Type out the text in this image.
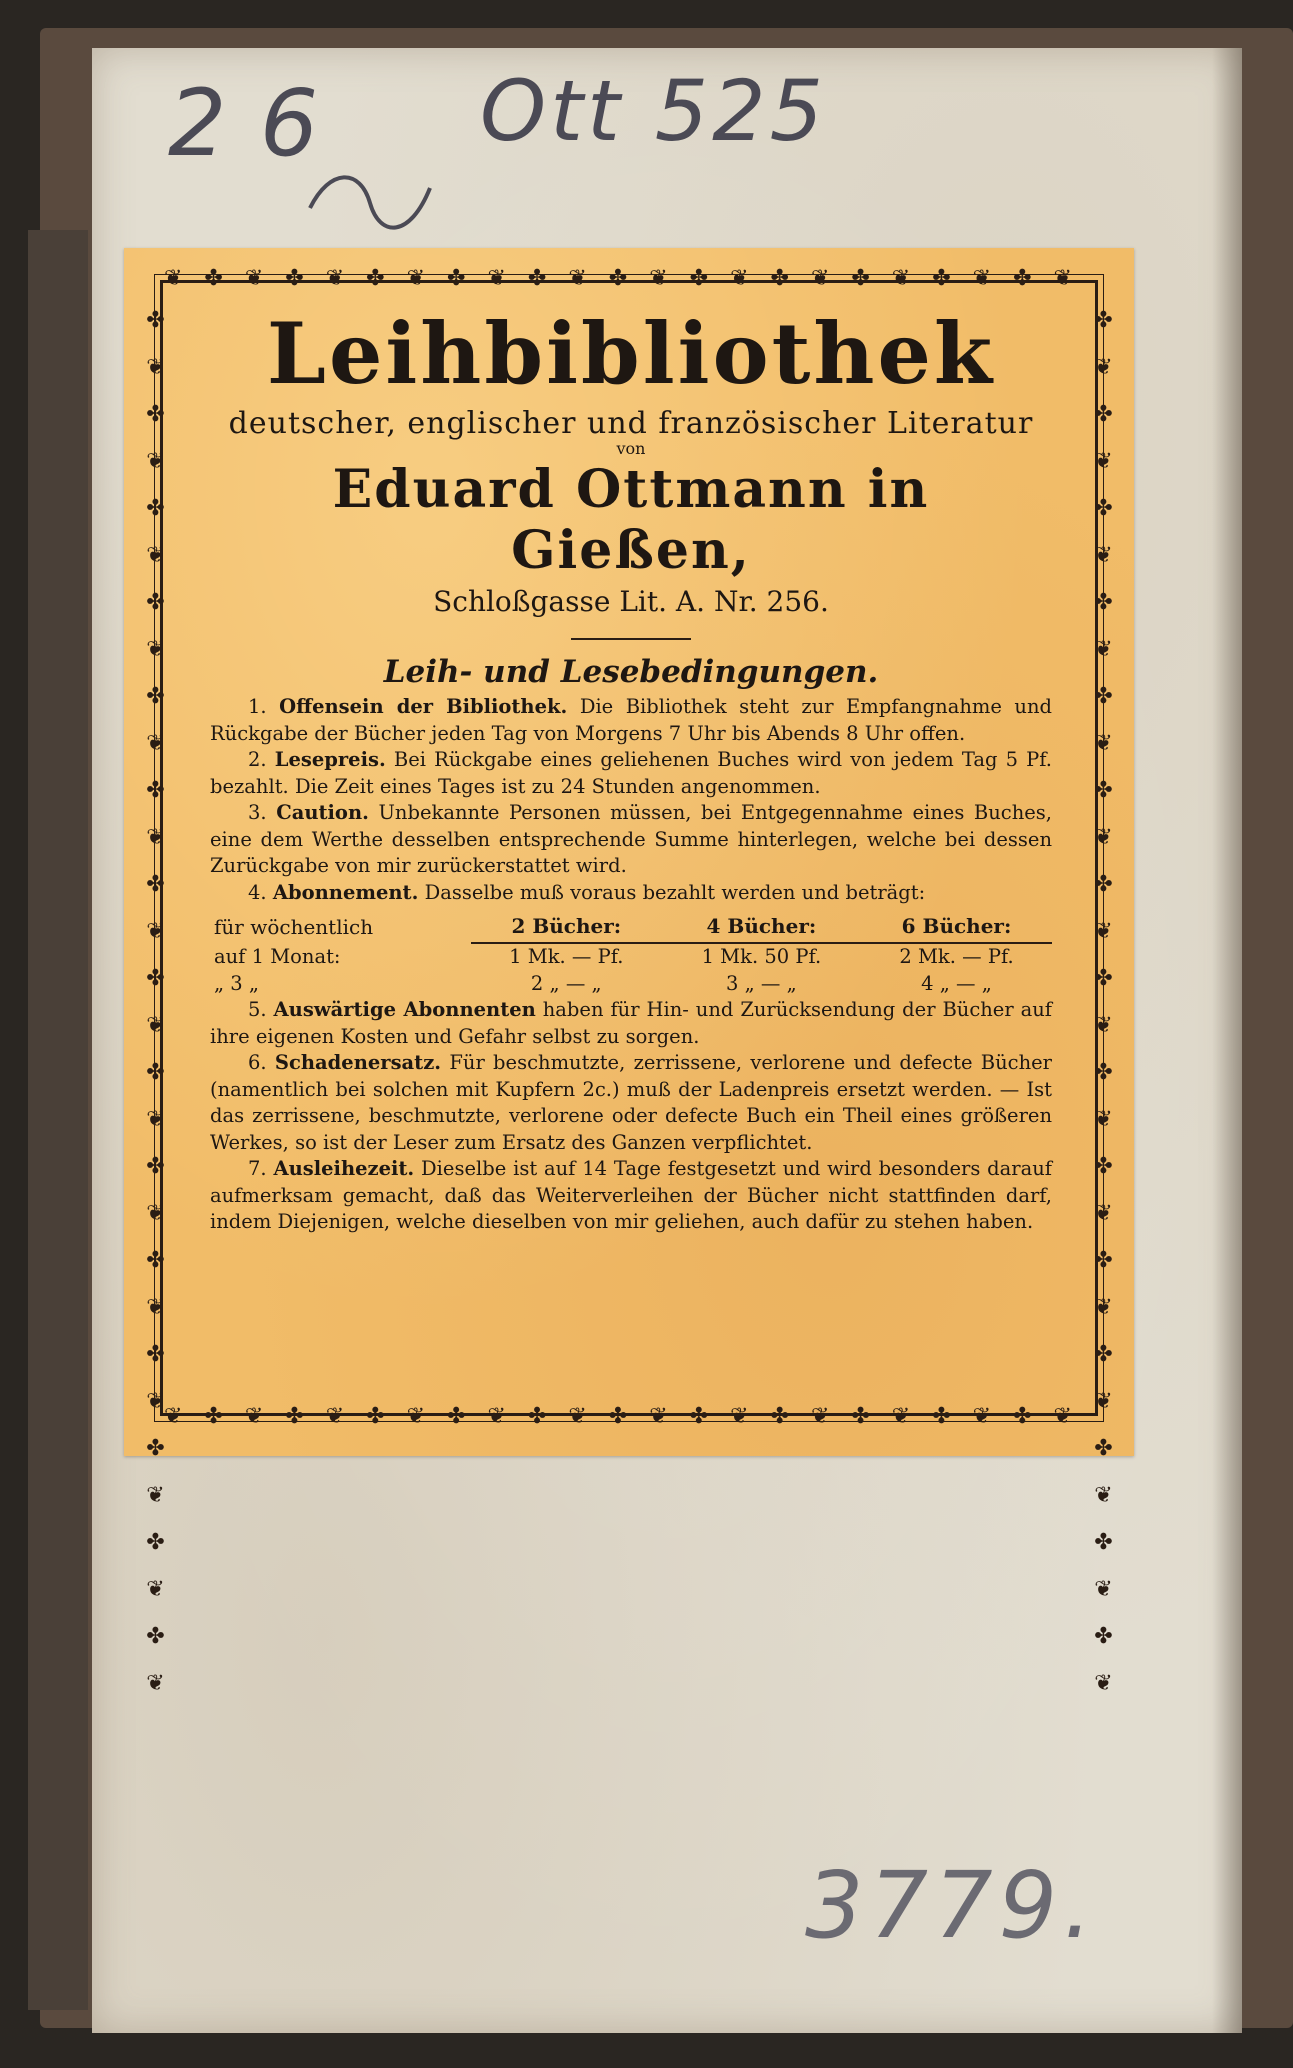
2 6 Ott 525
3779.
❦✤❦✤❦✤❦✤❦✤❦✤❦✤❦✤❦✤❦✤❦✤❦
❦✤❦✤❦✤❦✤❦✤❦✤❦✤❦✤❦✤❦✤❦✤❦
✤❦✤❦✤❦✤❦✤❦✤❦✤❦✤❦✤❦✤❦✤❦✤❦✤❦✤❦✤❦	✤❦✤❦✤❦✤❦✤❦✤❦✤❦✤❦✤❦✤❦✤❦✤❦✤❦✤❦✤❦
Leihbibliothek

deutscher, englischer und französischer Literatur

von

Eduard Ottmann in Gießen,

Schloßgasse Lit. A. Nr. 256.

Leih- und Lesebedingungen.

1. Offensein der Bibliothek. Die Bibliothek steht zur Empfangnahme und Rückgabe der Bücher jeden Tag von Morgens 7 Uhr bis Abends 8 Uhr offen.

2. Lesepreis. Bei Rückgabe eines geliehenen Buches wird von jedem Tag 5 Pf. bezahlt. Die Zeit eines Tages ist zu 24 Stunden angenommen.

3. Caution. Unbekannte Personen müssen, bei Entgegennahme eines Buches, eine dem Werthe desselben entsprechende Summe hinterlegen, welche bei dessen Zurückgabe von mir zurückerstattet wird.

4. Abonnement. Dasselbe muß voraus bezahlt werden und beträgt:

für wöchentlich	2 Bücher:	4 Bücher:	6 Bücher:
auf 1 Monat:	1 Mk. — Pf.	1 Mk. 50 Pf.	2 Mk. — Pf.
„ 3 „	2 „ — „	3 „ — „	4 „ — „

5. Auswärtige Abonnenten haben für Hin- und Zurücksendung der Bücher auf ihre eigenen Kosten und Gefahr selbst zu sorgen.

6. Schadenersatz. Für beschmutzte, zerrissene, verlorene und defecte Bücher (namentlich bei solchen mit Kupfern 2c.) muß der Ladenpreis ersetzt werden. — Ist das zerrissene, beschmutzte, verlorene oder defecte Buch ein Theil eines größeren Werkes, so ist der Leser zum Ersatz des Ganzen verpflichtet.

7. Ausleihezeit. Dieselbe ist auf 14 Tage festgesetzt und wird besonders darauf aufmerksam gemacht, daß das Weiterverleihen der Bücher nicht stattfinden darf, indem Diejenigen, welche dieselben von mir geliehen, auch dafür zu stehen haben.
